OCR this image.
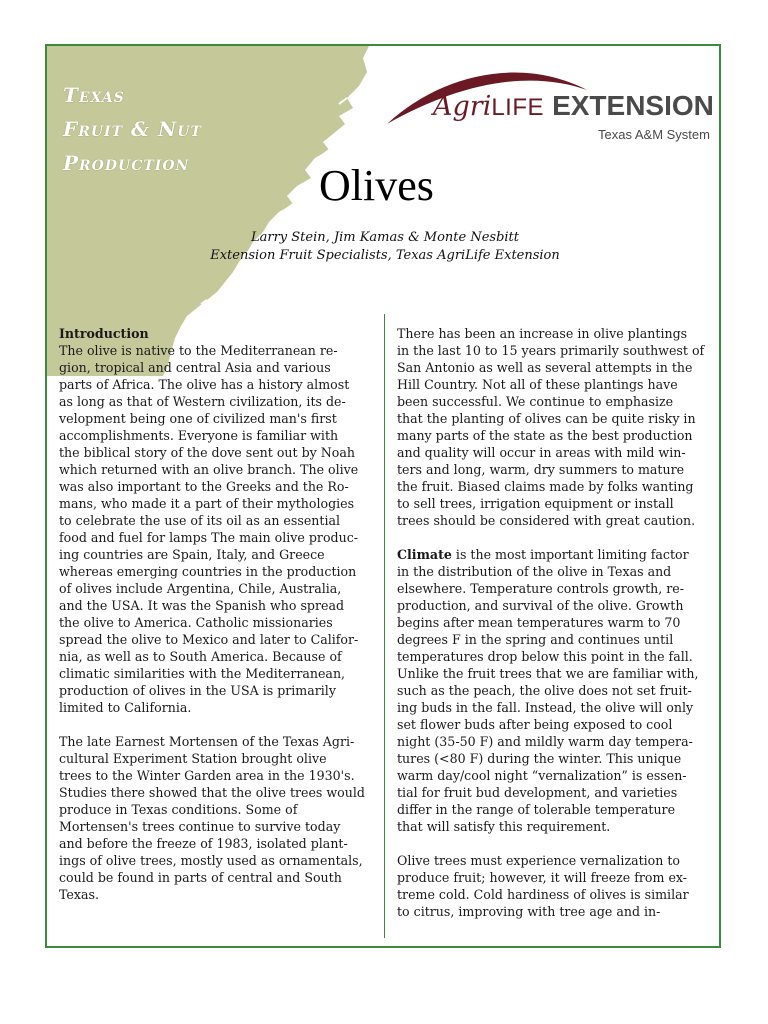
Texas
Fruit & Nut
Production
AgriLIFE EXTENSION
Texas A&M System
Olives
Larry Stein, Jim Kamas & Monte Nesbitt
Extension Fruit Specialists, Texas AgriLife Extension

Introduction
The olive is native to the Mediterranean re-
gion, tropical and central Asia and various
parts of Africa. The olive has a history almost
as long as that of Western civilization, its de-
velopment being one of civilized man's first
accomplishments. Everyone is familiar with
the biblical story of the dove sent out by Noah
which returned with an olive branch. The olive
was also important to the Greeks and the Ro-
mans, who made it a part of their mythologies
to celebrate the use of its oil as an essential
food and fuel for lamps The main olive produc-
ing countries are Spain, Italy, and Greece
whereas emerging countries in the production
of olives include Argentina, Chile, Australia,
and the USA. It was the Spanish who spread
the olive to America. Catholic missionaries
spread the olive to Mexico and later to Califor-
nia, as well as to South America. Because of
climatic similarities with the Mediterranean,
production of olives in the USA is primarily
limited to California.

The late Earnest Mortensen of the Texas Agri-
cultural Experiment Station brought olive
trees to the Winter Garden area in the 1930's.
Studies there showed that the olive trees would
produce in Texas conditions. Some of
Mortensen's trees continue to survive today
and before the freeze of 1983, isolated plant-
ings of olive trees, mostly used as ornamentals,
could be found in parts of central and South
Texas.

There has been an increase in olive plantings
in the last 10 to 15 years primarily southwest of
San Antonio as well as several attempts in the
Hill Country. Not all of these plantings have
been successful. We continue to emphasize
that the planting of olives can be quite risky in
many parts of the state as the best production
and quality will occur in areas with mild win-
ters and long, warm, dry summers to mature
the fruit. Biased claims made by folks wanting
to sell trees, irrigation equipment or install
trees should be considered with great caution.

Climate is the most important limiting factor
in the distribution of the olive in Texas and
elsewhere. Temperature controls growth, re-
production, and survival of the olive. Growth
begins after mean temperatures warm to 70
degrees F in the spring and continues until
temperatures drop below this point in the fall.
Unlike the fruit trees that we are familiar with,
such as the peach, the olive does not set fruit-
ing buds in the fall. Instead, the olive will only
set flower buds after being exposed to cool
night (35-50 F) and mildly warm day tempera-
tures (<80 F) during the winter. This unique
warm day/cool night “vernalization” is essen-
tial for fruit bud development, and varieties
differ in the range of tolerable temperature
that will satisfy this requirement.

Olive trees must experience vernalization to
produce fruit; however, it will freeze from ex-
treme cold. Cold hardiness of olives is similar
to citrus, improving with tree age and in-
